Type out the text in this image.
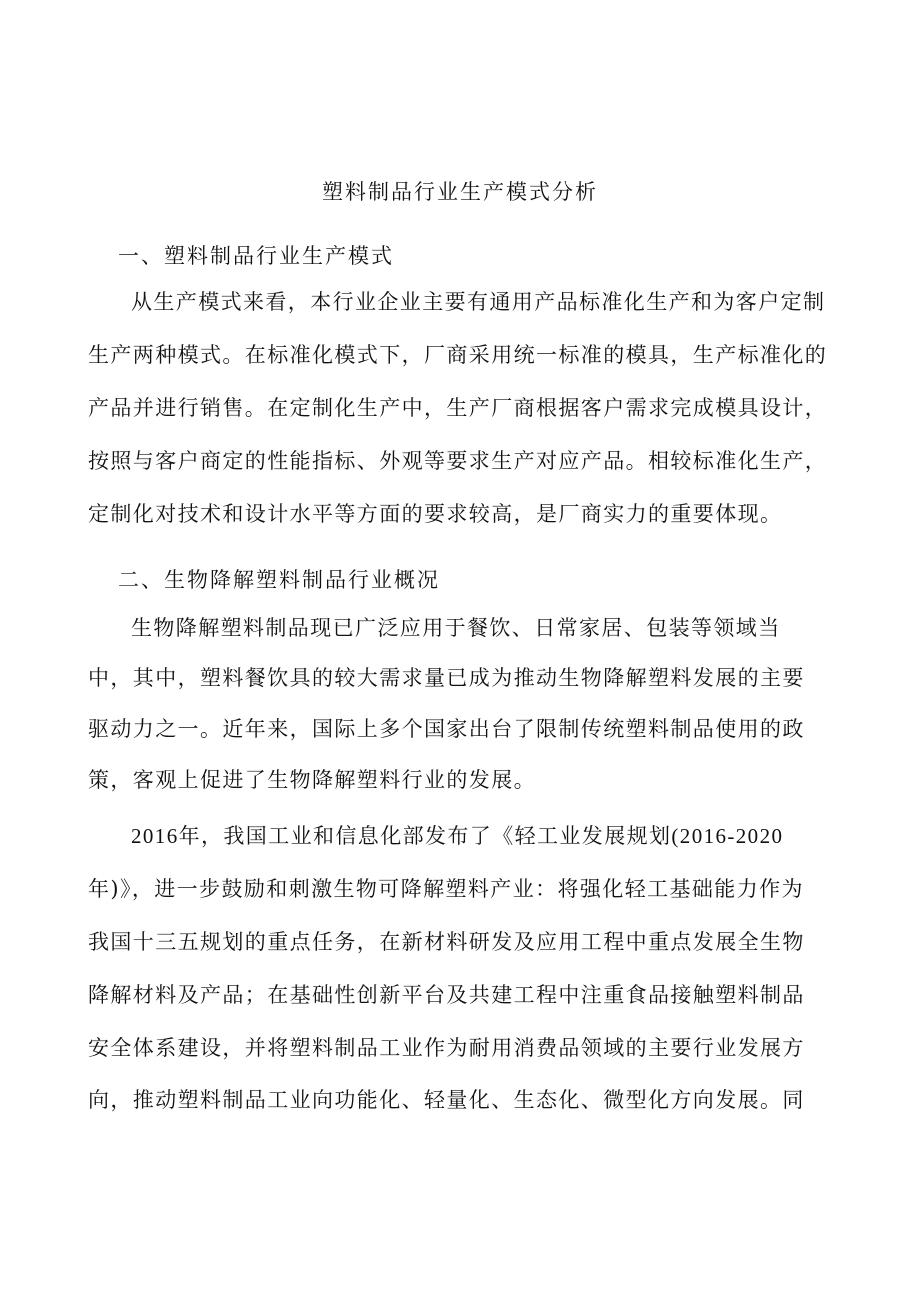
塑料制品行业生产模式分析
一、塑料制品行业生产模式
从生产模式来看，本行业企业主要有通用产品标准化生产和为客户定制
生产两种模式。在标准化模式下，厂商采用统一标准的模具，生产标准化的
产品并进行销售。在定制化生产中，生产厂商根据客户需求完成模具设计，
按照与客户商定的性能指标、外观等要求生产对应产品。相较标准化生产，
定制化对技术和设计水平等方面的要求较高，是厂商实力的重要体现。
二、生物降解塑料制品行业概况
生物降解塑料制品现已广泛应用于餐饮、日常家居、包装等领域当
中，其中，塑料餐饮具的较大需求量已成为推动生物降解塑料发展的主要
驱动力之一。近年来，国际上多个国家出台了限制传统塑料制品使用的政
策，客观上促进了生物降解塑料行业的发展。
2016年，我国工业和信息化部发布了《轻工业发展规划(2016-2020
年)》，进一步鼓励和刺激生物可降解塑料产业：将强化轻工基础能力作为
我国十三五规划的重点任务，在新材料研发及应用工程中重点发展全生物
降解材料及产品；在基础性创新平台及共建工程中注重食品接触塑料制品
安全体系建设，并将塑料制品工业作为耐用消费品领域的主要行业发展方
向，推动塑料制品工业向功能化、轻量化、生态化、微型化方向发展。同
